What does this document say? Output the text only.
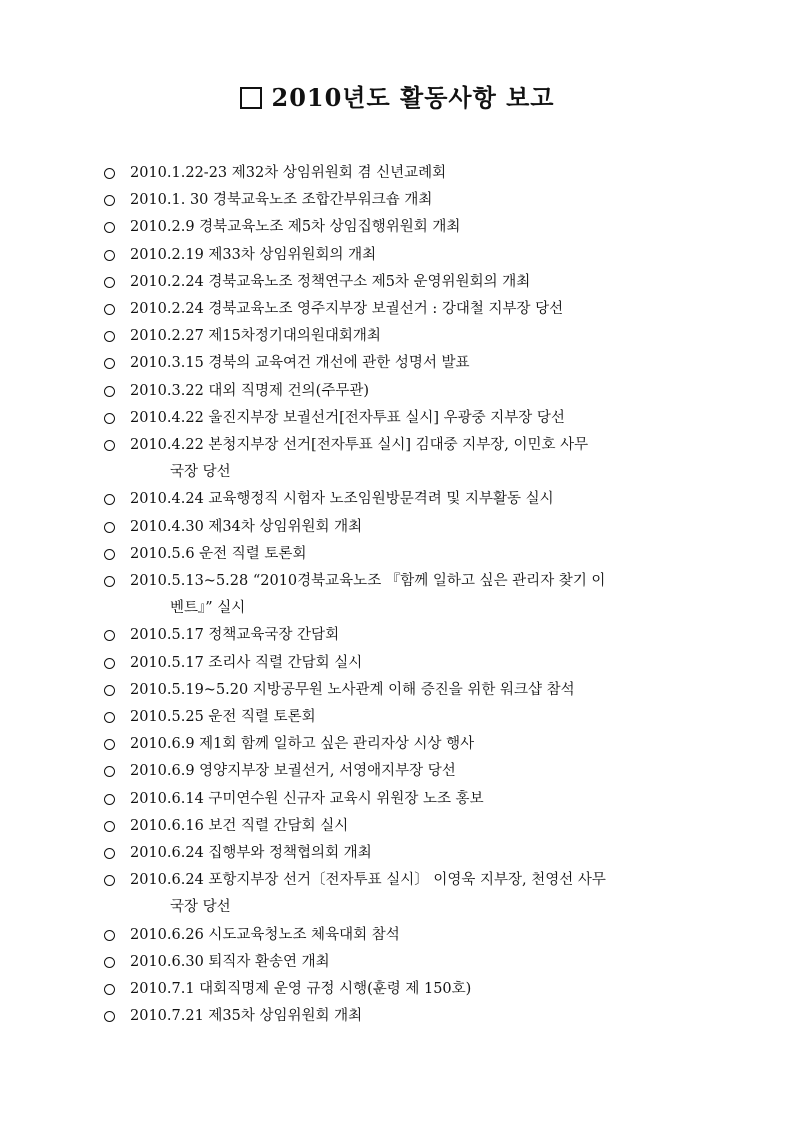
2010년도 활동사항 보고
2010.1.22-23 제32차 상임위원회 겸 신년교례회
2010.1. 30 경북교육노조 조합간부워크숍 개최
2010.2.9 경북교육노조 제5차 상임집행위원회 개최
2010.2.19 제33차 상임위원회의 개최
2010.2.24 경북교육노조 정책연구소 제5차 운영위원회의 개최
2010.2.24 경북교육노조 영주지부장 보궐선거 : 강대철 지부장 당선
2010.2.27 제15차정기대의원대회개최
2010.3.15 경북의 교육여건 개선에 관한 성명서 발표
2010.3.22 대외 직명제 건의(주무관)
2010.4.22 울진지부장 보궐선거[전자투표 실시] 우광중 지부장 당선
2010.4.22 본청지부장 선거[전자투표 실시] 김대중 지부장, 이민호 사무
국장 당선
2010.4.24 교육행정직 시험자 노조임원방문격려 및 지부활동 실시
2010.4.30 제34차 상임위원회 개최
2010.5.6 운전 직렬 토론회
2010.5.13~5.28 “2010경북교육노조 『함께 일하고 싶은 관리자 찾기 이
벤트』” 실시
2010.5.17 정책교육국장 간담회
2010.5.17 조리사 직렬 간담회 실시
2010.5.19~5.20 지방공무원 노사관계 이해 증진을 위한 워크샵 참석
2010.5.25 운전 직렬 토론회
2010.6.9 제1회 함께 일하고 싶은 관리자상 시상 행사
2010.6.9 영양지부장 보궐선거, 서영애지부장 당선
2010.6.14 구미연수원 신규자 교육시 위원장 노조 홍보
2010.6.16 보건 직렬 간담회 실시
2010.6.24 집행부와 정책협의회 개최
2010.6.24 포항지부장 선거〔전자투표 실시〕 이영욱 지부장, 천영선 사무
국장 당선
2010.6.26 시도교육청노조 체육대회 참석
2010.6.30 퇴직자 환송연 개최
2010.7.1 대회직명제 운영 규정 시행(훈령 제 150호)
2010.7.21 제35차 상임위원회 개최
